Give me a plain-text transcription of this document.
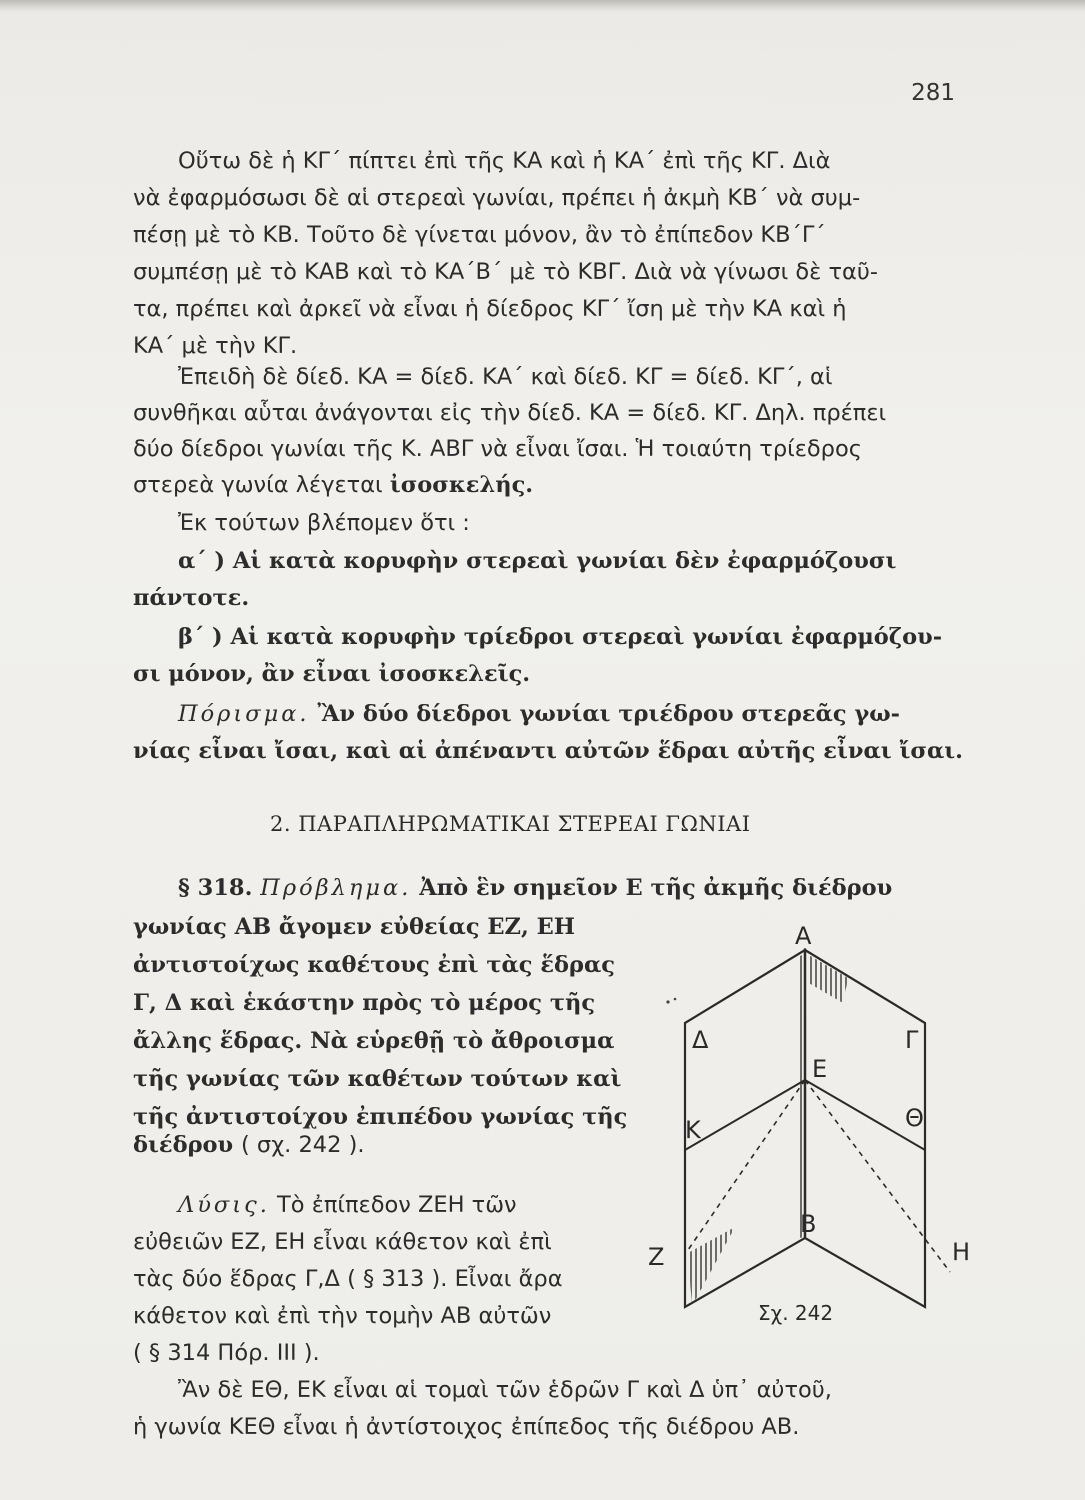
281
Οὕτω δὲ ἡ ΚΓ΄ πίπτει ἐπὶ τῆς ΚΑ καὶ ἡ ΚΑ΄ ἐπὶ τῆς ΚΓ. Διὰ
νὰ ἐφαρμόσωσι δὲ αἱ στερεαὶ γωνίαι, πρέπει ἡ ἀκμὴ ΚΒ΄ νὰ συμ-
πέσῃ μὲ τὸ ΚΒ. Τοῦτο δὲ γίνεται μόνον, ἂν τὸ ἐπίπεδον ΚΒ΄Γ΄
συμπέσῃ μὲ τὸ ΚΑΒ καὶ τὸ ΚΑ΄Β΄ μὲ τὸ ΚΒΓ. Διὰ νὰ γίνωσι δὲ ταῦ-
τα, πρέπει καὶ ἀρκεῖ νὰ εἶναι ἡ δίεδρος ΚΓ΄ ἴση μὲ τὴν ΚΑ καὶ ἡ
ΚΑ΄ μὲ τὴν ΚΓ.
Ἐπειδὴ δὲ δίεδ. ΚΑ = δίεδ. ΚΑ΄ καὶ δίεδ. ΚΓ = δίεδ. ΚΓ΄, αἱ
συνθῆκαι αὗται ἀνάγονται εἰς τὴν δίεδ. ΚΑ = δίεδ. ΚΓ. Δηλ. πρέπει
δύο δίεδροι γωνίαι τῆς Κ. ΑΒΓ νὰ εἶναι ἴσαι. Ἡ τοιαύτη τρίεδρος
στερεὰ γωνία λέγεται ἰσοσκελής.
Ἐκ τούτων βλέπομεν ὅτι :
α΄ ) Αἱ κατὰ κορυφὴν στερεαὶ γωνίαι δὲν ἐφαρμόζουσι
πάντοτε.
β΄ ) Αἱ κατὰ κορυφὴν τρίεδροι στερεαὶ γωνίαι ἐφαρμόζου-
σι μόνον, ἂν εἶναι ἰσοσκελεῖς.
Πόρισμα. Ἂν δύο δίεδροι γωνίαι τριέδρου στερεᾶς γω-
νίας εἶναι ἴσαι, καὶ αἱ ἀπέναντι αὐτῶν ἕδραι αὐτῆς εἶναι ἴσαι.
2. ΠΑΡΑΠΛΗΡΩΜΑΤΙΚΑΙ ΣΤΕΡΕΑΙ ΓΩΝΙΑΙ
§ 318. Πρόβλημα. Ἀπὸ ἓν σημεῖον Ε τῆς ἀκμῆς διέδρου
γωνίας ΑΒ ἄγομεν εὐθείας ΕΖ, ΕΗ
ἀντιστοίχως καθέτους ἐπὶ τὰς ἕδρας
Γ, Δ καὶ ἑκάστην πρὸς τὸ μέρος τῆς
ἄλλης ἕδρας. Νὰ εὑρεθῇ τὸ ἄθροισμα
τῆς γωνίας τῶν καθέτων τούτων καὶ
τῆς ἀντιστοίχου ἐπιπέδου γωνίας τῆς
διέδρου ( σχ. 242 ).
Λύσις. Τὸ ἐπίπεδον ΖΕΗ τῶν
εὐθειῶν ΕΖ, ΕΗ εἶναι κάθετον καὶ ἐπὶ
τὰς δύο ἕδρας Γ,Δ ( § 313 ). Εἶναι ἄρα
κάθετον καὶ ἐπὶ τὴν τομὴν ΑΒ αὐτῶν
( § 314 Πόρ. ΙΙΙ ).
Ἂν δὲ ΕΘ, ΕΚ εἶναι αἱ τομαὶ τῶν ἑδρῶν Γ καὶ Δ ὑπ᾽ αὐτοῦ,
ἡ γωνία ΚΕΘ εἶναι ἡ ἀντίστοιχος ἐπίπεδος τῆς διέδρου ΑΒ.
Α
Δ	Γ
Ε
Κ	Θ
Β
Ζ	Η
Σχ. 242
